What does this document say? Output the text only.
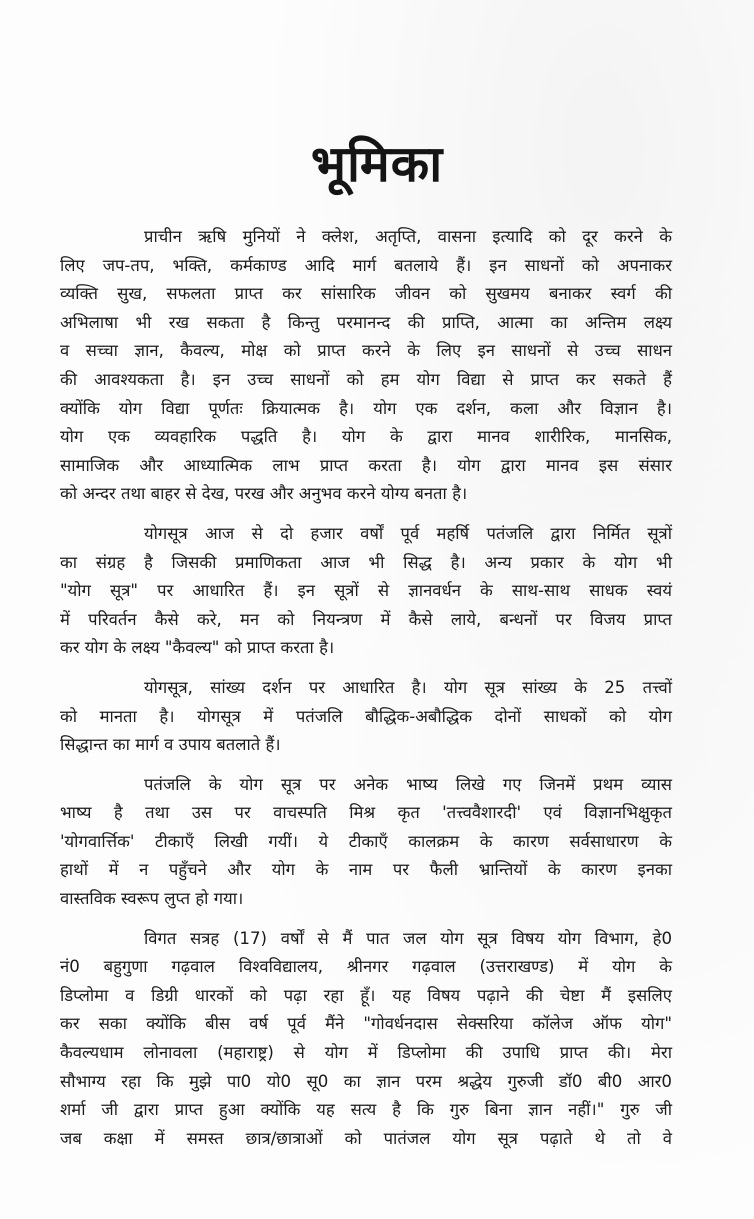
भूमिका
प्राचीन ऋषि मुनियों ने क्लेश, अतृप्ति, वासना इत्यादि को दूर करने के
लिए जप-तप, भक्ति, कर्मकाण्ड आदि मार्ग बतलाये हैं। इन साधनों को अपनाकर
व्यक्ति सुख, सफलता प्राप्त कर सांसारिक जीवन को सुखमय बनाकर स्वर्ग की
अभिलाषा भी रख सकता है किन्तु परमानन्द की प्राप्ति, आत्मा का अन्तिम लक्ष्य
व सच्चा ज्ञान, कैवल्य, मोक्ष को प्राप्त करने के लिए इन साधनों से उच्च साधन
की आवश्यकता है। इन उच्च साधनों को हम योग विद्या से प्राप्त कर सकते हैं
क्योंकि योग विद्या पूर्णतः क्रियात्मक है। योग एक दर्शन, कला और विज्ञान है।
योग एक व्यवहारिक पद्धति है। योग के द्वारा मानव शारीरिक, मानसिक,
सामाजिक और आध्यात्मिक लाभ प्राप्त करता है। योग द्वारा मानव इस संसार
को अन्दर तथा बाहर से देख, परख और अनुभव करने योग्य बनता है।
योगसूत्र आज से दो हजार वर्षों पूर्व महर्षि पतंजलि द्वारा निर्मित सूत्रों
का संग्रह है जिसकी प्रमाणिकता आज भी सिद्ध है। अन्य प्रकार के योग भी
"योग सूत्र" पर आधारित हैं। इन सूत्रों से ज्ञानवर्धन के साथ-साथ साधक स्वयं
में परिवर्तन कैसे करे, मन को नियन्त्रण में कैसे लाये, बन्धनों पर विजय प्राप्त
कर योग के लक्ष्य "कैवल्य" को प्राप्त करता है।
योगसूत्र, सांख्य दर्शन पर आधारित है। योग सूत्र सांख्य के 25 तत्त्वों
को मानता है। योगसूत्र में पतंजलि बौद्धिक-अबौद्धिक दोनों साधकों को योग
सिद्धान्त का मार्ग व उपाय बतलाते हैं।
पतंजलि के योग सूत्र पर अनेक भाष्य लिखे गए जिनमें प्रथम व्यास
भाष्य है तथा उस पर वाचस्पति मिश्र कृत 'तत्त्ववैशारदी' एवं विज्ञानभिक्षुकृत
'योगवार्त्तिक' टीकाएँ लिखी गयीं। ये टीकाएँ कालक्रम के कारण सर्वसाधारण के
हाथों में न पहुँचने और योग के नाम पर फैली भ्रान्तियों के कारण इनका
वास्तविक स्वरूप लुप्त हो गया।
विगत सत्रह (17) वर्षों से मैं पात जल योग सूत्र विषय योग विभाग, हे0
नं0 बहुगुणा गढ़वाल विश्वविद्यालय, श्रीनगर गढ़वाल (उत्तराखण्ड) में योग के
डिप्लोमा व डिग्री धारकों को पढ़ा रहा हूँ। यह विषय पढ़ाने की चेष्टा मैं इसलिए
कर सका क्योंकि बीस वर्ष पूर्व मैंने "गोवर्धनदास सेक्सरिया कॉलेज ऑफ योग"
कैवल्यधाम लोनावला (महाराष्ट्र) से योग में डिप्लोमा की उपाधि प्राप्त की। मेरा
सौभाग्य रहा कि मुझे पा0 यो0 सू0 का ज्ञान परम श्रद्धेय गुरुजी डॉ0 बी0 आर0
शर्मा जी द्वारा प्राप्त हुआ क्योंकि यह सत्य है कि गुरु बिना ज्ञान नहीं।" गुरु जी
जब कक्षा में समस्त छात्र/छात्राओं को पातंजल योग सूत्र पढ़ाते थे तो वे
